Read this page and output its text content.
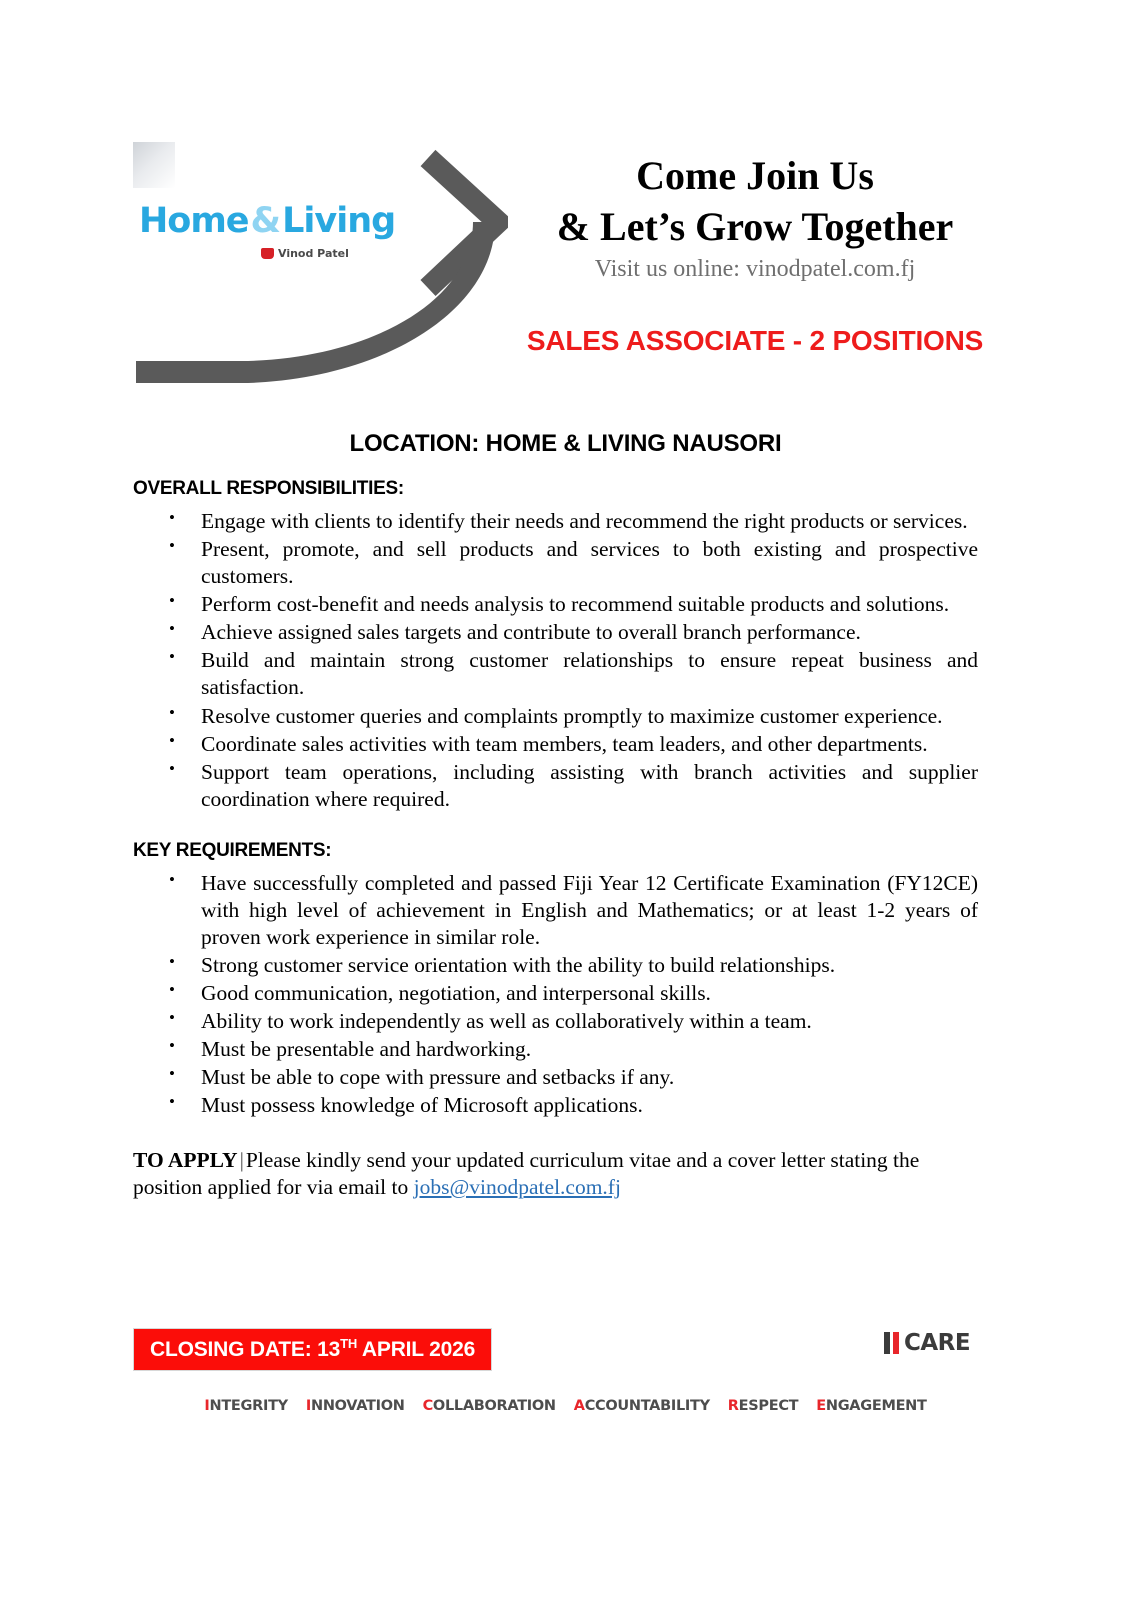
Home&Living
Vinod Patel
Come Join Us
& Let’s Grow Together
Visit us online: vinodpatel.com.fj
SALES ASSOCIATE - 2 POSITIONS
LOCATION: HOME & LIVING NAUSORI
OVERALL RESPONSIBILITIES:
• Engage with clients to identify their needs and recommend the right products or services.
• Present, promote, and sell products and services to both existing and prospective customers.
• Perform cost-benefit and needs analysis to recommend suitable products and solutions.
• Achieve assigned sales targets and contribute to overall branch performance.
• Build and maintain strong customer relationships to ensure repeat business and satisfaction.
• Resolve customer queries and complaints promptly to maximize customer experience.
• Coordinate sales activities with team members, team leaders, and other departments.
• Support team operations, including assisting with branch activities and supplier coordination where required.
KEY REQUIREMENTS:
• Have successfully completed and passed Fiji Year 12 Certificate Examination (FY12CE) with high level of achievement in English and Mathematics; or at least 1-2 years of proven work experience in similar role.
• Strong customer service orientation with the ability to build relationships.
• Good communication, negotiation, and interpersonal skills.
• Ability to work independently as well as collaboratively within a team.
• Must be presentable and hardworking.
• Must be able to cope with pressure and setbacks if any.
• Must possess knowledge of Microsoft applications.
TO APPLY|Please kindly send your updated curriculum vitae and a cover letter stating the position applied for via email to jobs@vinodpatel.com.fj
CLOSING DATE: 13TH APRIL 2026	CARE
INTEGRITY INNOVATION COLLABORATION ACCOUNTABILITY RESPECT ENGAGEMENT
